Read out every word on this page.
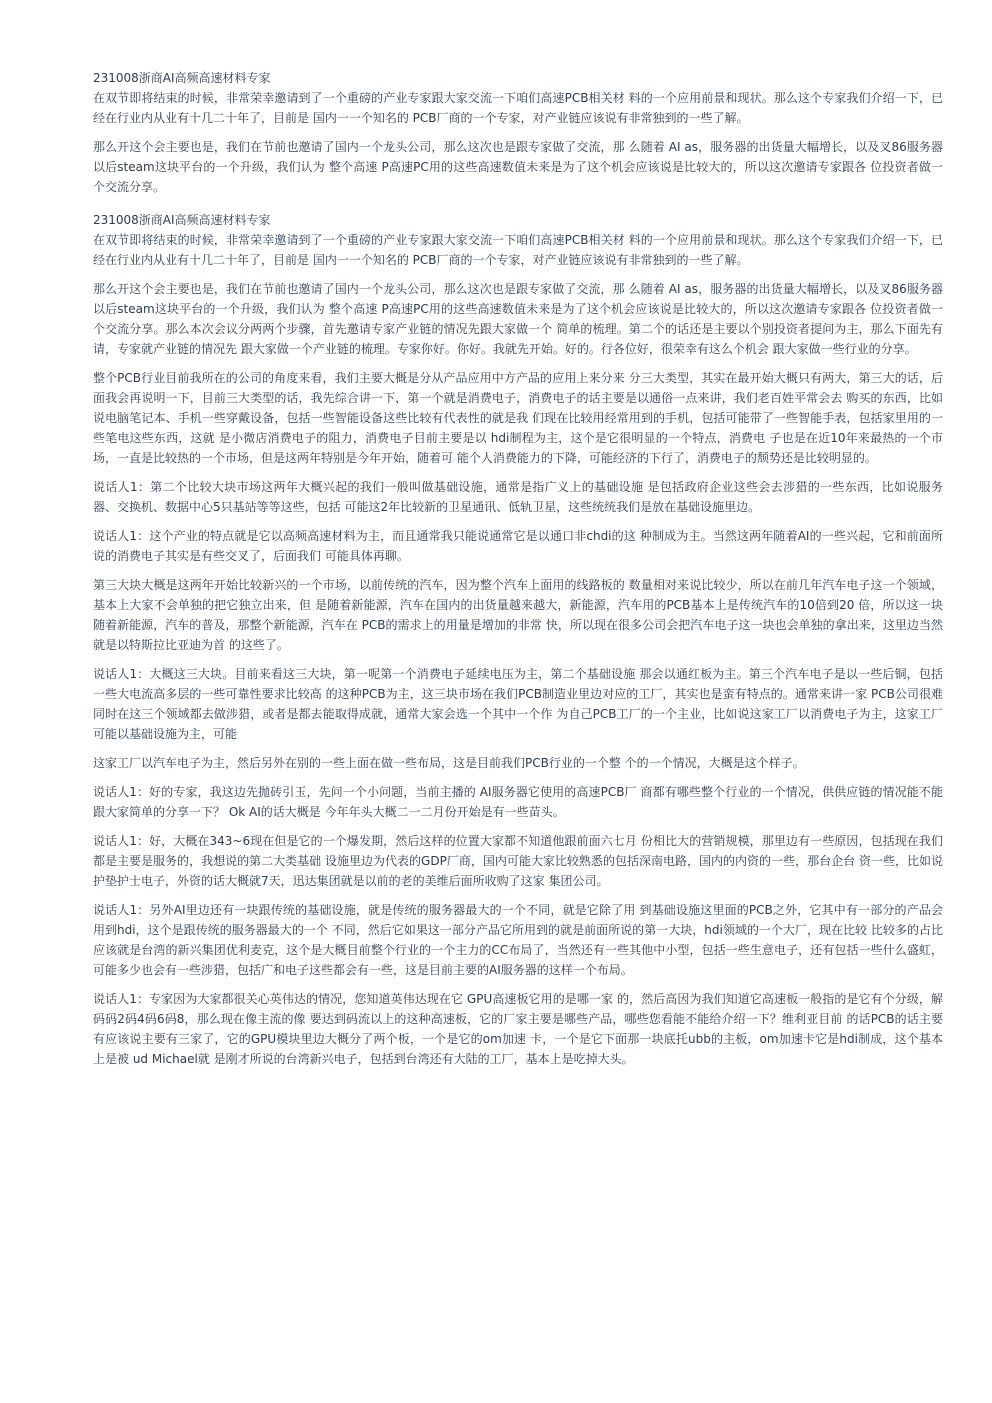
231008浙商AI高频高速材料专家

在双节即将结束的时候，非常荣幸邀请到了一个重磅的产业专家跟大家交流一下咱们高速PCB相关材 料的一个应用前景和现状。那么这个专家我们介绍一下，已经在行业内从业有十几二十年了，目前是 国内一一个知名的 PCB厂商的一个专家，对产业链应该说有非常独到的一些了解。

那么开这个会主要也是，我们在节前也邀请了国内一个龙头公司，那么这次也是跟专家做了交流，那 么随着 AI as，服务器的出货量大幅增长，以及叉86服务器以后steam这块平台的一个升级，我们认为 整个高速 P高速PC用的这些高速数值未来是为了这个机会应该说是比较大的，所以这次邀请专家跟各 位投资者做一个交流分享。

231008浙商AI高频高速材料专家

在双节即将结束的时候，非常荣幸邀请到了一个重磅的产业专家跟大家交流一下咱们高速PCB相关材 料的一个应用前景和现状。那么这个专家我们介绍一下，已经在行业内从业有十几二十年了，目前是 国内一一个知名的 PCB厂商的一个专家，对产业链应该说有非常独到的一些了解。

那么开这个会主要也是，我们在节前也邀请了国内一个龙头公司，那么这次也是跟专家做了交流，那 么随着 AI as，服务器的出货量大幅增长，以及叉86服务器以后steam这块平台的一个升级，我们认为 整个高速 P高速PC用的这些高速数值未来是为了这个机会应该说是比较大的，所以这次邀请专家跟各 位投资者做一个交流分享。那么本次会议分两两个步骤，首先邀请专家产业链的情况先跟大家做一个 简单的梳理。第二个的话还是主要以个别投资者提问为主，那么下面先有请，专家就产业链的情况先 跟大家做一个产业链的梳理。专家你好。你好。我就先开始。好的。行各位好，很荣幸有这么个机会 跟大家做一些行业的分享。

整个PCB行业目前我所在的公司的角度来看，我们主要大概是分从产品应用中方产品的应用上来分来 分三大类型，其实在最开始大概只有两大，第三大的话，后面我会再说明一下，目前三大类型的话，我先综合讲一下，第一个就是消费电子，消费电子的话主要是以通俗一点来讲，我们老百姓平常会去 购买的东西，比如说电脑笔记本、手机一些穿戴设备，包括一些智能设备这些比较有代表性的就是我 们现在比较用经常用到的手机，包括可能带了一些智能手表，包括家里用的一些笔电这些东西，这就 是小微店消费电子的阻力，消费电子目前主要是以 hdi制程为主，这个是它很明显的一个特点，消费电 子也是在近10年来最热的一个市场，一直是比较热的一个市场，但是这两年特别是今年开始，随着可 能个人消费能力的下降，可能经济的下行了，消费电子的颓势还是比较明显的。

说话人1：第二个比较大块市场这两年大概兴起的我们一般叫做基础设施，通常是指广义上的基础设施 是包括政府企业这些会去涉猎的一些东西，比如说服务器、交换机、数据中心5只基站等等这些，包括 可能这2年比较新的卫星通讯、低轨卫星，这些统统我们是放在基础设施里边。

说话人1：这个产业的特点就是它以高频高速材料为主，而且通常我只能说通常它是以通口非chdi的这 种制成为主。当然这两年随着AI的一些兴起，它和前面所说的消费电子其实是有些交叉了，后面我们 可能具体再聊。

第三大块大概是这两年开始比较新兴的一个市场，以前传统的汽车，因为整个汽车上面用的线路板的 数量相对来说比较少，所以在前几年汽车电子这一个领域，基本上大家不会单独的把它独立出来，但 是随着新能源，汽车在国内的出货量越来越大，新能源，汽车用的PCB基本上是传统汽车的10倍到20 倍，所以这一块随着新能源，汽车的普及，那整个新能源，汽车在 PCB的需求上的用量是增加的非常 快，所以现在很多公司会把汽车电子这一块也会单独的拿出来，这里边当然就是以特斯拉比亚迪为首 的这些了。

说话人1：大概这三大块。目前来看这三大块，第一呢第一个消费电子延续电压为主，第二个基础设施 那会以通红板为主。第三个汽车电子是以一些后铜，包括一些大电流高多层的一些可靠性要求比较高 的这种PCB为主，这三块市场在我们PCB制造业里边对应的工厂，其实也是蛮有特点的。通常来讲一家 PCB公司很难同时在这三个领域都去做涉猎，或者是都去能取得成就，通常大家会选一个其中一个作 为自己PCB工厂的一个主业，比如说这家工厂以消费电子为主，这家工厂可能以基础设施为主，可能

这家工厂以汽车电子为主，然后另外在别的一些上面在做一些布局，这是目前我们PCB行业的一个整 个的一个情况，大概是这个样子。

说话人1：好的专家，我这边先抛砖引玉，先问一个小问题，当前主播的 AI服务器它使用的高速PCB厂 商都有哪些整个行业的一个情况，供供应链的情况能不能跟大家简单的分享一下？ Ok AI的话大概是 今年年头大概二一二月份开始是有一些苗头。

说话人1：好，大概在343~6现在但是它的一个爆发期，然后这样的位置大家都不知道他跟前面六七月 份相比大的营销规模，那里边有一些原因，包括现在我们都是主要是服务的，我想说的第二大类基础 设施里边为代表的GDP厂商，国内可能大家比较熟悉的包括深南电路，国内的内资的一些，那台企台 资一些，比如说护垫护士电子，外资的话大概就7天，迅达集团就是以前的老的美维后面所收购了这家 集团公司。

说话人1：另外AI里边还有一块跟传统的基础设施，就是传统的服务器最大的一个不同，就是它除了用 到基础设施这里面的PCB之外，它其中有一部分的产品会用到hdi，这个是跟传统的服务器最大的一个 不同，然后它如果这一部分产品它所用到的就是前面所说的第一大块，hdi领域的一个大厂，现在比较 比较多的占比应该就是台湾的新兴集团优利麦克，这个是大概目前整个行业的一个主力的CC布局了，当然还有一些其他中小型，包括一些生意电子，还有包括一些什么盛虹，可能多少也会有一些涉猎，包括广和电子这些都会有一些，这是目前主要的AI服务器的这样一个布局。

说话人1：专家因为大家都很关心英伟达的情况，您知道英伟达现在它 GPU高速板它用的是哪一家 的，然后高因为我们知道它高速板一般指的是它有个分级，解码码2码4码6码8，那么现在像主流的像 要达到码流以上的这种高速板，它的厂家主要是哪些产品，哪些您看能不能给介绍一下？维利亚目前 的话PCB的话主要有应该说主要有三家了，它的GPU模块里边大概分了两个板，一个是它的om加速 卡，一个是它下面那一块底托ubb的主板，om加速卡它是hdi制成，这个基本上是被 ud Michael就 是刚才所说的台湾新兴电子，包括到台湾还有大陆的工厂，基本上是吃掉大头。
